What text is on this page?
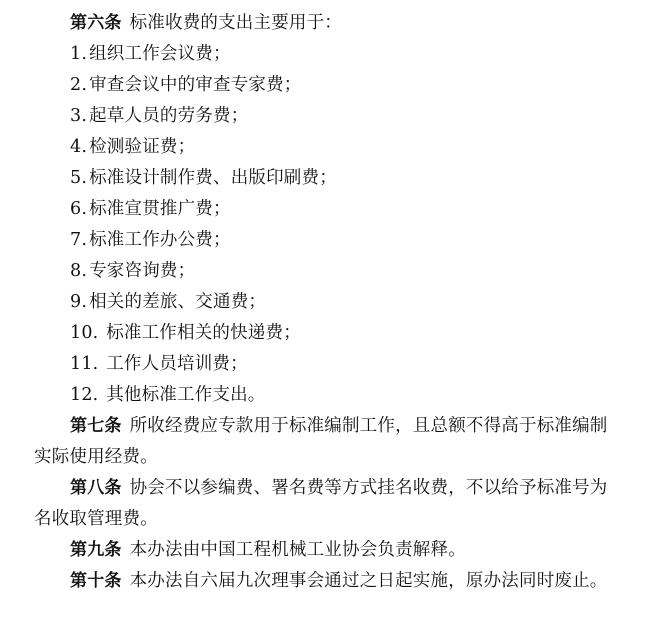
第六条 标准收费的支出主要用于：
1. 组织工作会议费；
2. 审查会议中的审查专家费；
3. 起草人员的劳务费；
4. 检测验证费；
5. 标准设计制作费、出版印刷费；
6. 标准宣贯推广费；
7. 标准工作办公费；
8. 专家咨询费；
9. 相关的差旅、交通费；
10. 标准工作相关的快递费；
11. 工作人员培训费；
12. 其他标准工作支出。
第七条 所收经费应专款用于标准编制工作，且总额不得高于标准编制
实际使用经费。
第八条 协会不以参编费、署名费等方式挂名收费，不以给予标准号为
名收取管理费。
第九条 本办法由中国工程机械工业协会负责解释。
第十条 本办法自六届九次理事会通过之日起实施，原办法同时废止。
